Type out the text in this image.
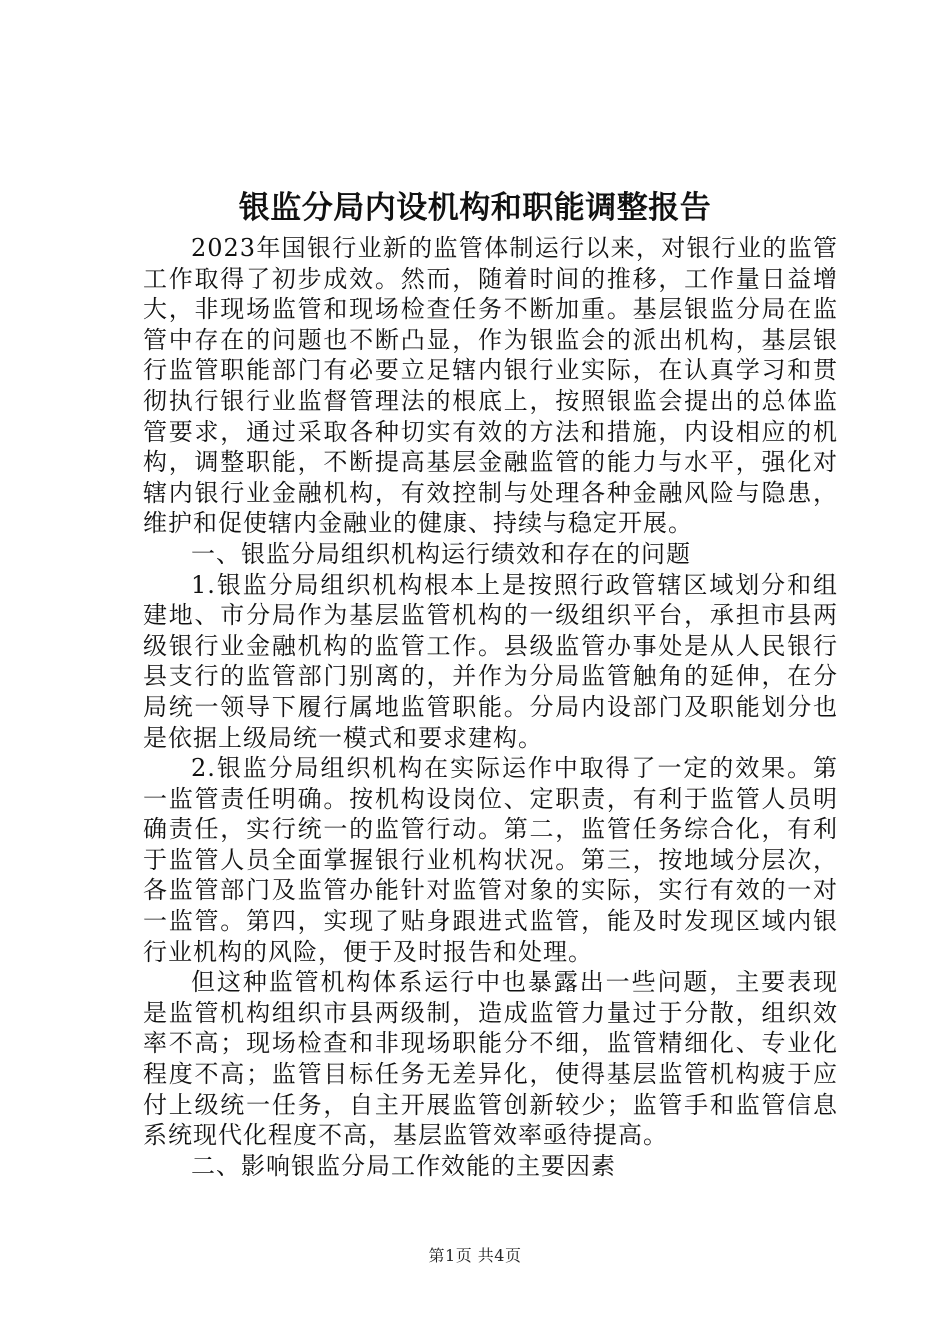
银监分局内设机构和职能调整报告

2023年国银行业新的监管体制运行以来，对银行业的监管工作取得了初步成效。然而，随着时间的推移，工作量日益增大，非现场监管和现场检查任务不断加重。基层银监分局在监管中存在的问题也不断凸显，作为银监会的派出机构，基层银行监管职能部门有必要立足辖内银行业实际，在认真学习和贯彻执行银行业监督管理法的根底上，按照银监会提出的总体监管要求，通过采取各种切实有效的方法和措施，内设相应的机构，调整职能，不断提高基层金融监管的能力与水平，强化对辖内银行业金融机构，有效控制与处理各种金融风险与隐患，维护和促使辖内金融业的健康、持续与稳定开展。

一、银监分局组织机构运行绩效和存在的问题

1.银监分局组织机构根本上是按照行政管辖区域划分和组建地、市分局作为基层监管机构的一级组织平台，承担市县两级银行业金融机构的监管工作。县级监管办事处是从人民银行县支行的监管部门别离的，并作为分局监管触角的延伸，在分局统一领导下履行属地监管职能。分局内设部门及职能划分也是依据上级局统一模式和要求建构。

2.银监分局组织机构在实际运作中取得了一定的效果。第一监管责任明确。按机构设岗位、定职责，有利于监管人员明确责任，实行统一的监管行动。第二，监管任务综合化，有利于监管人员全面掌握银行业机构状况。第三，按地域分层次，各监管部门及监管办能针对监管对象的实际，实行有效的一对一监管。第四，实现了贴身跟进式监管，能及时发现区域内银行业机构的风险，便于及时报告和处理。

但这种监管机构体系运行中也暴露出一些问题，主要表现是监管机构组织市县两级制，造成监管力量过于分散，组织效率不高；现场检查和非现场职能分不细，监管精细化、专业化程度不高；监管目标任务无差异化，使得基层监管机构疲于应付上级统一任务，自主开展监管创新较少；监管手和监管信息系统现代化程度不高，基层监管效率亟待提高。

二、影响银监分局工作效能的主要因素

第1页 共4页
